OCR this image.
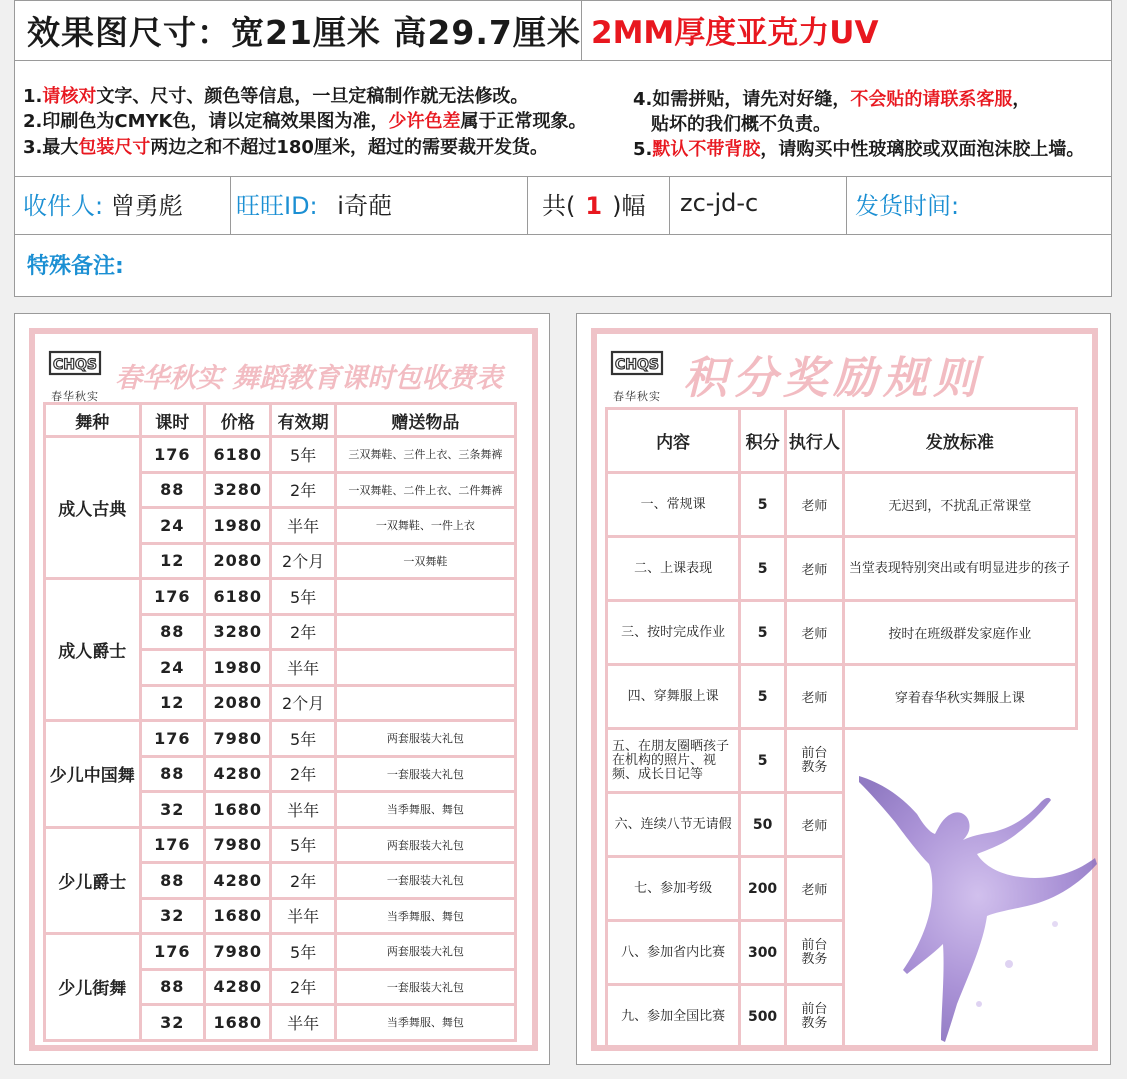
效果图尺寸：宽21厘米 高29.7厘米 2MM厚度亚克力UV
1.请核对文字、尺寸、颜色等信息，一旦定稿制作就无法修改。
2.印刷色为CMYK色，请以定稿效果图为准，少许色差属于正常现象。
3.最大包装尺寸两边之和不超过180厘米，超过的需要裁开发货。
4.如需拼贴，请先对好缝，不会贴的请联系客服，
贴坏的我们概不负责。
5.默认不带背胶，请购买中性玻璃胶或双面泡沫胶上墙。
收件人: 曾勇彪	旺旺ID: i奇葩	共( 1 )幅	zc-jd-c	发货时间:
特殊备注:
CHQS
春华秋实
春华秋实 舞蹈教育课时包收费表
舞种	课时	价格	有效期	赠送物品
成人古典	176	6180	5年	三双舞鞋、三件上衣、三条舞裤
	88	3280	2年	一双舞鞋、二件上衣、二件舞裤
	24	1980	半年	一双舞鞋、一件上衣
	12	2080	2个月	一双舞鞋
成人爵士	176	6180	5年	
	88	3280	2年	
	24	1980	半年	
	12	2080	2个月	
少儿中国舞	176	7980	5年	两套服装大礼包
	88	4280	2年	一套服装大礼包
	32	1680	半年	当季舞服、舞包
少儿爵士	176	7980	5年	两套服装大礼包
	88	4280	2年	一套服装大礼包
	32	1680	半年	当季舞服、舞包
少儿街舞	176	7980	5年	两套服装大礼包
	88	4280	2年	一套服装大礼包
	32	1680	半年	当季舞服、舞包
CHQS
春华秋实 积分奖励规则
内容	积分	执行人	发放标准
一、常规课	5	老师	无迟到，不扰乱正常课堂
二、上课表现	5	老师	当堂表现特别突出或有明显进步的孩子
三、按时完成作业	5	老师	按时在班级群发家庭作业
四、穿舞服上课	5	老师	穿着春华秋实舞服上课
五、在朋友圈晒孩子在机构的照片、视频、成长日记等	5	前台教务	
六、连续八节无请假	50	老师	
七、参加考级	200	老师	
八、参加省内比赛	300	前台教务	
九、参加全国比赛	500	前台教务	
